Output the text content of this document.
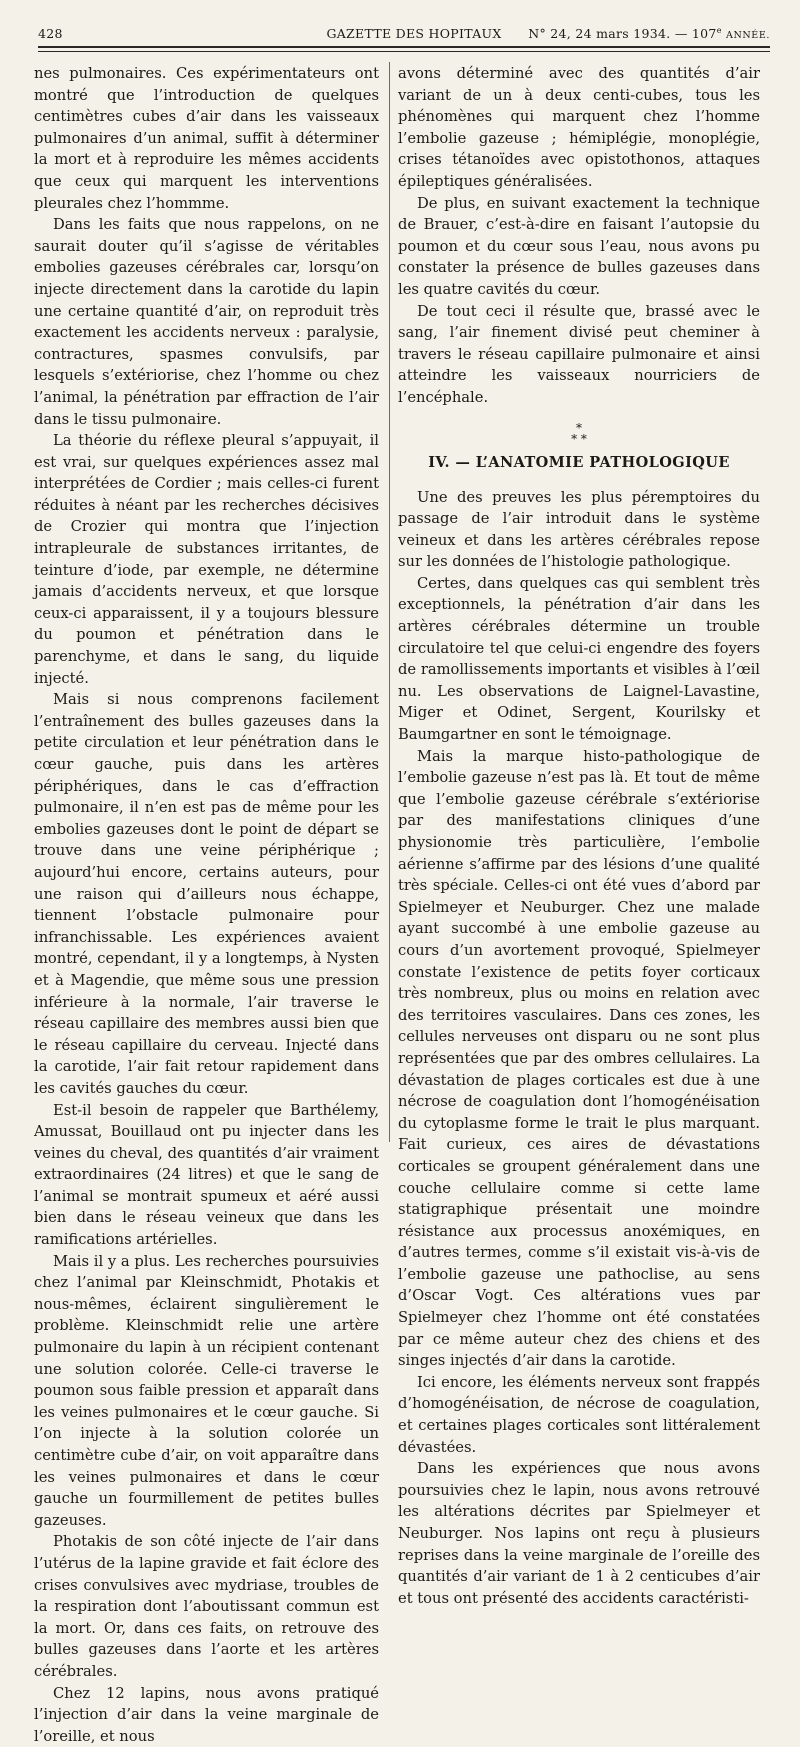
428	GAZETTE DES HOPITAUX	N° 24, 24 mars 1934. — 107e ANNÉE.

nes pulmonaires. Ces expérimentateurs ont montré que l’introduction de quelques centimètres cubes d’air dans les vaisseaux pulmonaires d’un animal, suffit à déterminer la mort et à reproduire les mêmes accidents que ceux qui marquent les interventions pleurales chez l’hommme.

Dans les faits que nous rappelons, on ne saurait douter qu’il s’agisse de véritables embolies gazeuses cérébrales car, lorsqu’on injecte directement dans la carotide du lapin une certaine quantité d’air, on reproduit très exactement les accidents nerveux : paralysie, contractures, spasmes convulsifs, par lesquels s’extériorise, chez l’homme ou chez l’animal, la pénétration par effraction de l’air dans le tissu pulmonaire.

La théorie du réflexe pleural s’appuyait, il est vrai, sur quelques expériences assez mal interprétées de Cordier ; mais celles-ci furent réduites à néant par les recherches décisives de Crozier qui montra que l’injection intrapleurale de substances irritantes, de teinture d’iode, par exemple, ne détermine jamais d’accidents nerveux, et que lorsque ceux-ci apparaissent, il y a toujours blessure du poumon et pénétration dans le parenchyme, et dans le sang, du liquide injecté.

Mais si nous comprenons facilement l’entraînement des bulles gazeuses dans la petite circulation et leur pénétration dans le cœur gauche, puis dans les artères périphériques, dans le cas d’effraction pulmonaire, il n’en est pas de même pour les embolies gazeuses dont le point de départ se trouve dans une veine périphérique ; aujourd’hui encore, certains auteurs, pour une raison qui d’ailleurs nous échappe, tiennent l’obstacle pulmonaire pour infranchissable. Les expériences avaient montré, cependant, il y a longtemps, à Nysten et à Magendie, que même sous une pression inférieure à la normale, l’air traverse le réseau capillaire des membres aussi bien que le réseau capillaire du cerveau. Injecté dans la carotide, l’air fait retour rapidement dans les cavités gauches du cœur.

Est-il besoin de rappeler que Barthélemy, Amussat, Bouillaud ont pu injecter dans les veines du cheval, des quantités d’air vraiment extraordinaires (24 litres) et que le sang de l’animal se montrait spumeux et aéré aussi bien dans le réseau veineux que dans les ramifications artérielles.

Mais il y a plus. Les recherches poursuivies chez l’animal par Kleinschmidt, Photakis et nous-mêmes, éclairent singulièrement le problème. Kleinschmidt relie une artère pulmonaire du lapin à un récipient contenant une solution colorée. Celle-ci traverse le poumon sous faible pression et apparaît dans les veines pulmonaires et le cœur gauche. Si l’on injecte à la solution colorée un centimètre cube d’air, on voit apparaître dans les veines pulmonaires et dans le cœur gauche un fourmillement de petites bulles gazeuses.

Photakis de son côté injecte de l’air dans l’utérus de la lapine gravide et fait éclore des crises convulsives avec mydriase, troubles de la respiration dont l’aboutissant commun est la mort. Or, dans ces faits, on retrouve des bulles gazeuses dans l’aorte et les artères cérébrales.

Chez 12 lapins, nous avons pratiqué l’injection d’air dans la veine marginale de l’oreille, et nous

avons déterminé avec des quantités d’air variant de un à deux centi-cubes, tous les phénomènes qui marquent chez l’homme l’embolie gazeuse ; hémiplégie, monoplégie, crises tétanoïdes avec opistothonos, attaques épileptiques généralisées.

De plus, en suivant exactement la technique de Brauer, c’est-à-dire en faisant l’autopsie du poumon et du cœur sous l’eau, nous avons pu constater la présence de bulles gazeuses dans les quatre cavités du cœur.

De tout ceci il résulte que, brassé avec le sang, l’air finement divisé peut cheminer à travers le réseau capillaire pulmonaire et ainsi atteindre les vaisseaux nourriciers de l’encéphale.

*
* *
IV. — L’ANATOMIE PATHOLOGIQUE

Une des preuves les plus péremptoires du passage de l’air introduit dans le système veineux et dans les artères cérébrales repose sur les données de l’histologie pathologique.

Certes, dans quelques cas qui semblent très exceptionnels, la pénétration d’air dans les artères cérébrales détermine un trouble circulatoire tel que celui-ci engendre des foyers de ramollissements importants et visibles à l’œil nu. Les observations de Laignel-Lavastine, Miger et Odinet, Sergent, Kourilsky et Baumgartner en sont le témoignage.

Mais la marque histo-pathologique de l’embolie gazeuse n’est pas là. Et tout de même que l’embolie gazeuse cérébrale s’extériorise par des manifestations cliniques d’une physionomie très particulière, l’embolie aérienne s’affirme par des lésions d’une qualité très spéciale. Celles-ci ont été vues d’abord par Spielmeyer et Neuburger. Chez une malade ayant succombé à une embolie gazeuse au cours d’un avortement provoqué, Spielmeyer constate l’existence de petits foyer corticaux très nombreux, plus ou moins en relation avec des territoires vasculaires. Dans ces zones, les cellules nerveuses ont disparu ou ne sont plus représentées que par des ombres cellulaires. La dévastation de plages corticales est due à une nécrose de coagulation dont l’homogénéisation du cytoplasme forme le trait le plus marquant. Fait curieux, ces aires de dévastations corticales se groupent généralement dans une couche cellulaire comme si cette lame statigraphique présentait une moindre résistance aux processus anoxémiques, en d’autres termes, comme s’il existait vis-à-vis de l’embolie gazeuse une pathoclise, au sens d’Oscar Vogt. Ces altérations vues par Spielmeyer chez l’homme ont été constatées par ce même auteur chez des chiens et des singes injectés d’air dans la carotide.

Ici encore, les éléments nerveux sont frappés d’homogénéisation, de nécrose de coagulation, et certaines plages corticales sont littéralement dévastées.

Dans les expériences que nous avons poursuivies chez le lapin, nous avons retrouvé les altérations décrites par Spielmeyer et Neuburger. Nos lapins ont reçu à plusieurs reprises dans la veine marginale de l’oreille des quantités d’air variant de 1 à 2 centicubes d’air et tous ont présenté des accidents caractéristi-
